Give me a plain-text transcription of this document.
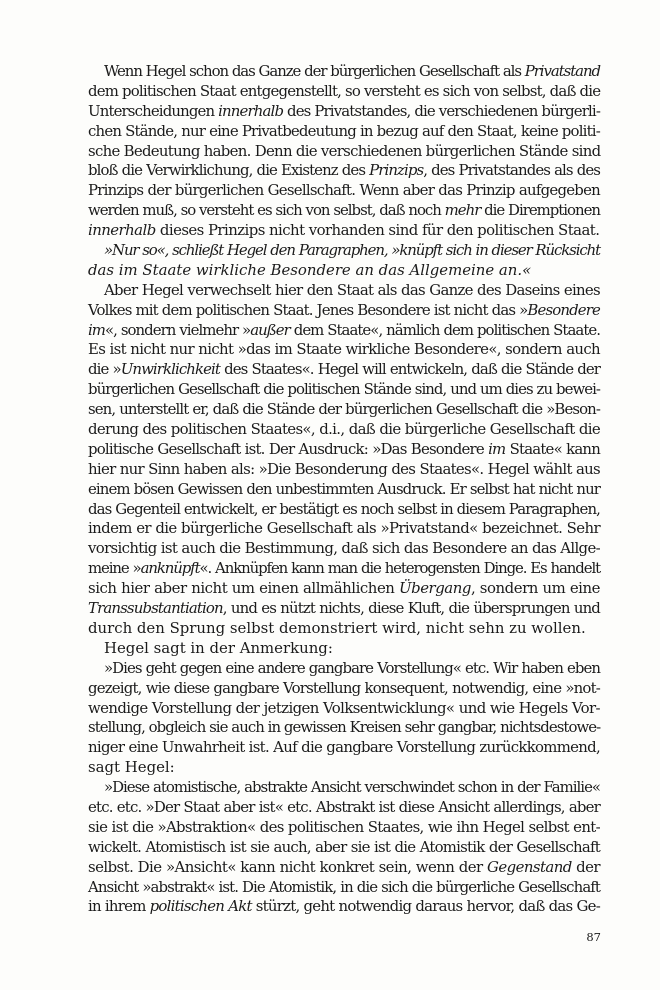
Wenn Hegel schon das Ganze der bürgerlichen Gesellschaft als Privatstand
dem politischen Staat entgegenstellt, so versteht es sich von selbst, daß die
Unterscheidungen innerhalb des Privatstandes, die verschiedenen bürgerli-
chen Stände, nur eine Privatbedeutung in bezug auf den Staat, keine politi-
sche Bedeutung haben. Denn die verschiedenen bürgerlichen Stände sind
bloß die Verwirklichung, die Existenz des Prinzips, des Privatstandes als des
Prinzips der bürgerlichen Gesellschaft. Wenn aber das Prinzip aufgegeben
werden muß, so versteht es sich von selbst, daß noch mehr die Diremptionen
innerhalb dieses Prinzips nicht vorhanden sind für den politischen Staat.
»Nur so«, schließt Hegel den Paragraphen, »knüpft sich in dieser Rücksicht
das im Staate wirkliche Besondere an das Allgemeine an.«
Aber Hegel verwechselt hier den Staat als das Ganze des Daseins eines
Volkes mit dem politischen Staat. Jenes Besondere ist nicht das »Besondere
im«, sondern vielmehr »außer dem Staate«, nämlich dem politischen Staate.
Es ist nicht nur nicht »das im Staate wirkliche Besondere«, sondern auch
die »Unwirklichkeit des Staates«. Hegel will entwickeln, daß die Stände der
bürgerlichen Gesellschaft die politischen Stände sind, und um dies zu bewei-
sen, unterstellt er, daß die Stände der bürgerlichen Gesellschaft die »Beson-
derung des politischen Staates«, d.i., daß die bürgerliche Gesellschaft die
politische Gesellschaft ist. Der Ausdruck: »Das Besondere im Staate« kann
hier nur Sinn haben als: »Die Besonderung des Staates«. Hegel wählt aus
einem bösen Gewissen den unbestimmten Ausdruck. Er selbst hat nicht nur
das Gegenteil entwickelt, er bestätigt es noch selbst in diesem Paragraphen,
indem er die bürgerliche Gesellschaft als »Privatstand« bezeichnet. Sehr
vorsichtig ist auch die Bestimmung, daß sich das Besondere an das Allge-
meine »anknüpft«. Anknüpfen kann man die heterogensten Dinge. Es handelt
sich hier aber nicht um einen allmählichen Übergang, sondern um eine
Transsubstantiation, und es nützt nichts, diese Kluft, die übersprungen und
durch den Sprung selbst demonstriert wird, nicht sehn zu wollen.
Hegel sagt in der Anmerkung:
»Dies geht gegen eine andere gangbare Vorstellung« etc. Wir haben eben
gezeigt, wie diese gangbare Vorstellung konsequent, notwendig, eine »not-
wendige Vorstellung der jetzigen Volksentwicklung« und wie Hegels Vor-
stellung, obgleich sie auch in gewissen Kreisen sehr gangbar, nichtsdestowe-
niger eine Unwahrheit ist. Auf die gangbare Vorstellung zurückkommend,
sagt Hegel:
»Diese atomistische, abstrakte Ansicht verschwindet schon in der Familie«
etc. etc. »Der Staat aber ist« etc. Abstrakt ist diese Ansicht allerdings, aber
sie ist die »Abstraktion« des politischen Staates, wie ihn Hegel selbst ent-
wickelt. Atomistisch ist sie auch, aber sie ist die Atomistik der Gesellschaft
selbst. Die »Ansicht« kann nicht konkret sein, wenn der Gegenstand der
Ansicht »abstrakt« ist. Die Atomistik, in die sich die bürgerliche Gesellschaft
in ihrem politischen Akt stürzt, geht notwendig daraus hervor, daß das Ge-
87
